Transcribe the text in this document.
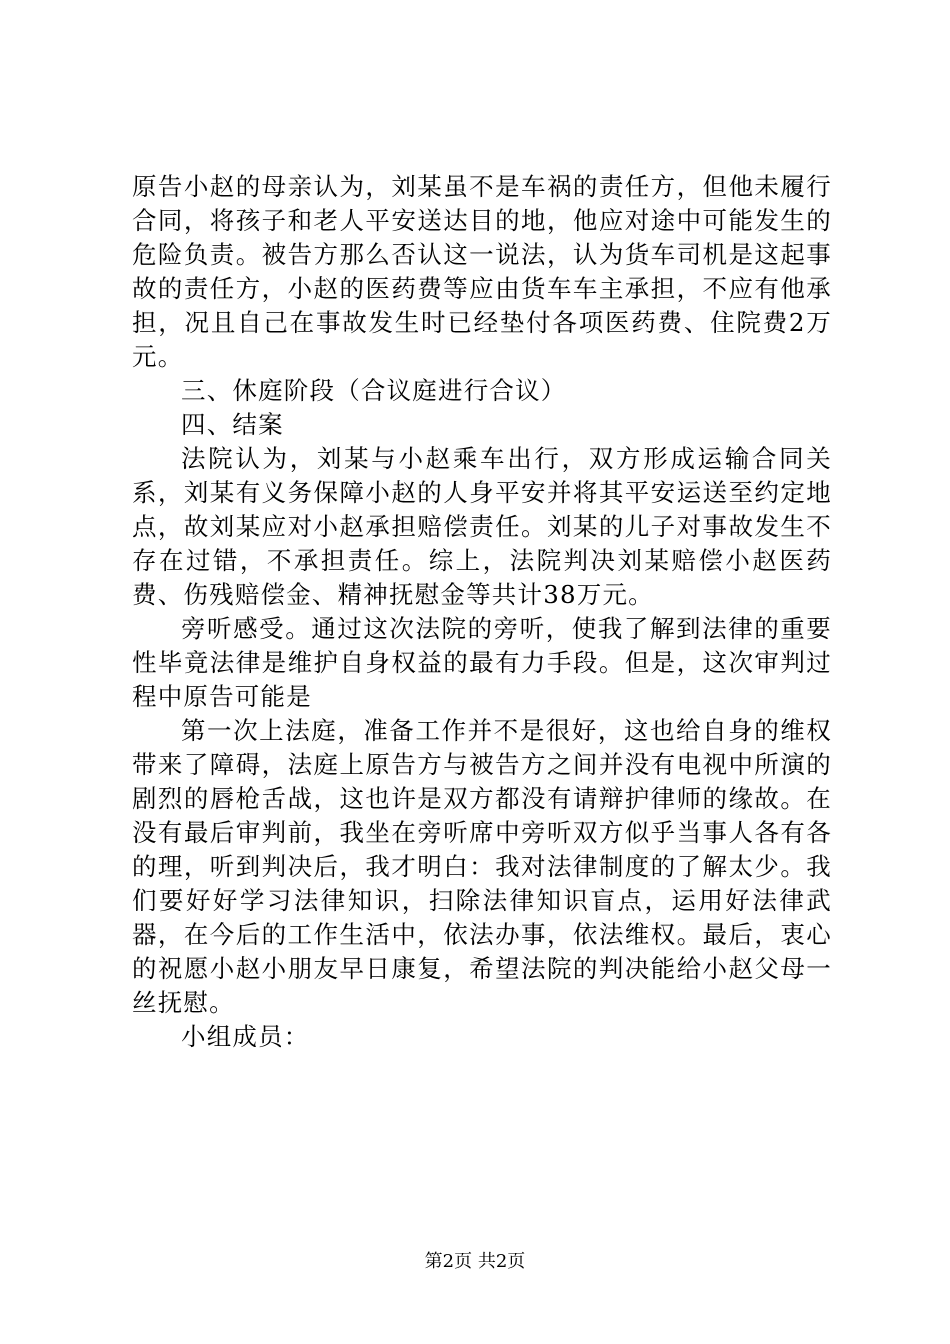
原告小赵的母亲认为，刘某虽不是车祸的责任方，但他未履行合同，将孩子和老人平安送达目的地，他应对途中可能发生的危险负责。被告方那么否认这一说法，认为货车司机是这起事故的责任方，小赵的医药费等应由货车车主承担，不应有他承担，况且自己在事故发生时已经垫付各项医药费、住院费2万元。

三、休庭阶段（合议庭进行合议）

四、结案

法院认为，刘某与小赵乘车出行，双方形成运输合同关系，刘某有义务保障小赵的人身平安并将其平安运送至约定地点，故刘某应对小赵承担赔偿责任。刘某的儿子对事故发生不存在过错，不承担责任。综上，法院判决刘某赔偿小赵医药费、伤残赔偿金、精神抚慰金等共计38万元。

旁听感受。通过这次法院的旁听，使我了解到法律的重要性毕竟法律是维护自身权益的最有力手段。但是，这次审判过程中原告可能是

第一次上法庭，准备工作并不是很好，这也给自身的维权带来了障碍，法庭上原告方与被告方之间并没有电视中所演的剧烈的唇枪舌战，这也许是双方都没有请辩护律师的缘故。在没有最后审判前，我坐在旁听席中旁听双方似乎当事人各有各的理，听到判决后，我才明白：我对法律制度的了解太少。我们要好好学习法律知识，扫除法律知识盲点，运用好法律武器，在今后的工作生活中，依法办事，依法维权。最后，衷心的祝愿小赵小朋友早日康复，希望法院的判决能给小赵父母一丝抚慰。

小组成员：

第2页 共2页
